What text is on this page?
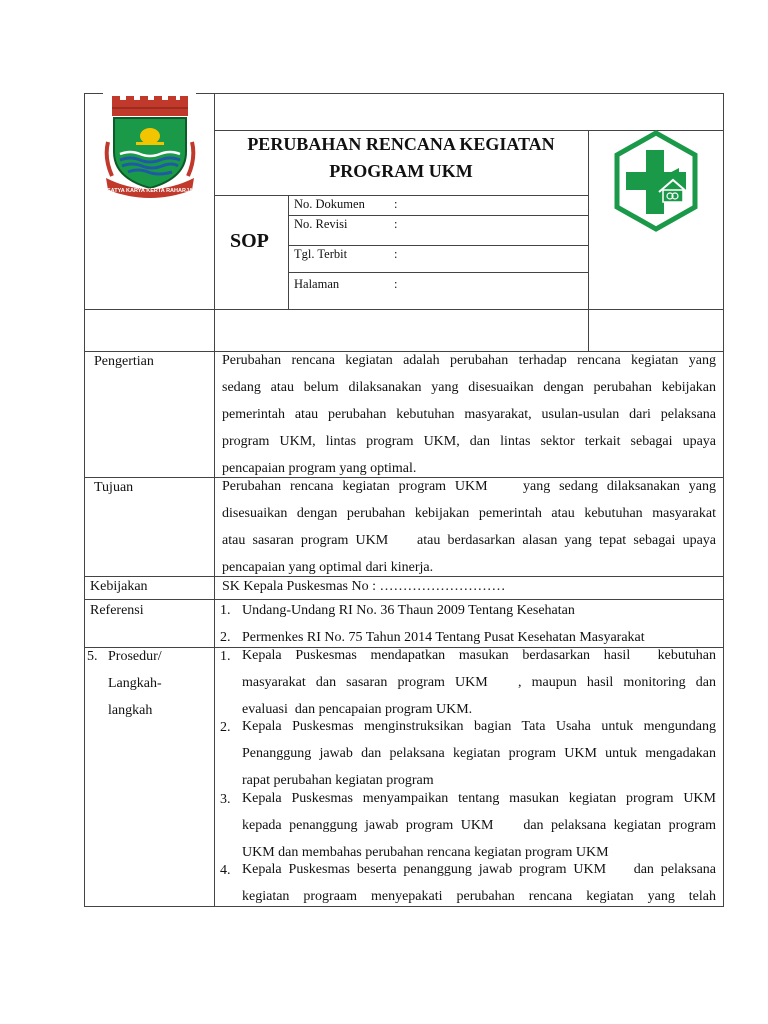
SATYA KARYA KERTA RAHARJA
PERUBAHAN RENCANA KEGIATAN
PROGRAM UKM
SOP
No. Dokumen :
No. Revisi	:
Tgl. Terbit	:
Halaman	:
Pengertian	Perubahan rencana kegiatan adalah perubahan terhadap rencana kegiatan yang
sedang atau belum dilaksanakan yang disesuaikan dengan perubahan kebijakan
pemerintah atau perubahan kebutuhan masyarakat, usulan-usulan dari pelaksana
program UKM, lintas program UKM, dan lintas sektor terkait sebagai upaya
pencapaian program yang optimal.
Tujuan	Perubahan rencana kegiatan program UKM    yang sedang dilaksanakan yang
disesuaikan dengan perubahan kebijakan pemerintah atau kebutuhan masyarakat
atau sasaran program UKM    atau berdasarkan alasan yang tepat sebagai upaya
pencapaian yang optimal dari kinerja.
Kebijakan	SK Kepala Puskesmas No : ………………………
Referensi	1. Undang-Undang RI No. 36 Thaun 2009 Tentang Kesehatan
2. Permenkes RI No. 75 Tahun 2014 Tentang Pusat Kesehatan Masyarakat
5. Prosedur/
Langkah-
langkah
1. Kepala Puskesmas mendapatkan masukan berdasarkan hasil  kebutuhan
masyarakat dan sasaran program UKM   , maupun hasil monitoring dan
evaluasi  dan pencapaian program UKM.
2. Kepala Puskesmas menginstruksikan bagian Tata Usaha untuk mengundang
Penanggung jawab dan pelaksana kegiatan program UKM untuk mengadakan
rapat perubahan kegiatan program
3. Kepala Puskesmas menyampaikan tentang masukan kegiatan program UKM
kepada penanggung jawab program UKM    dan pelaksana kegiatan program
UKM dan membahas perubahan rencana kegiatan program UKM
4. Kepala Puskesmas beserta penanggung jawab program UKM    dan pelaksana
kegiatan prograam menyepakati perubahan rencana kegiatan yang telah
